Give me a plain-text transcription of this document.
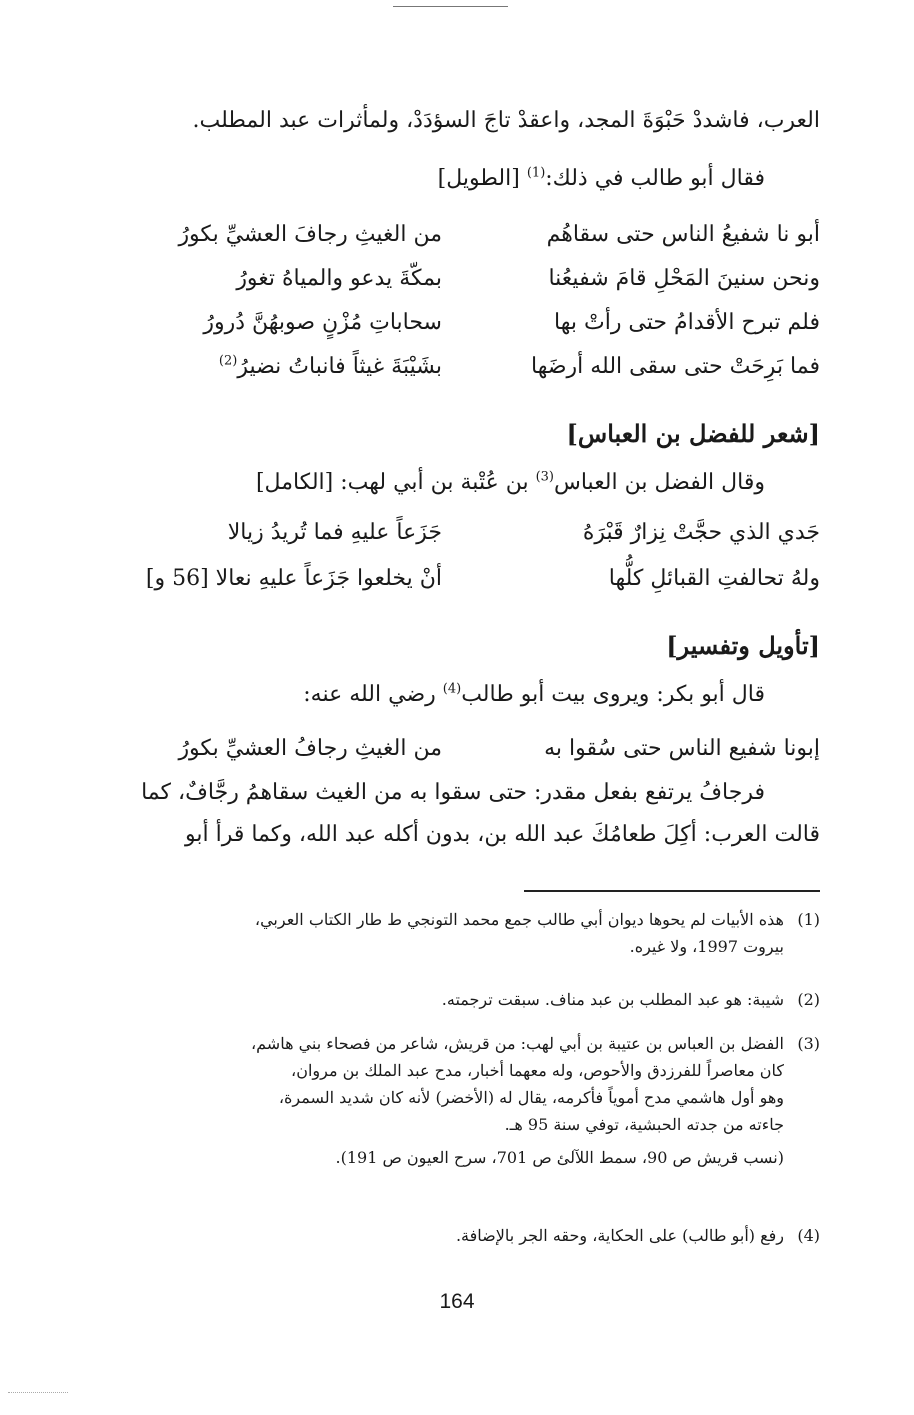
العرب، فاشددْ حَبْوَةَ المجد، واعقدْ تاجَ السؤدَدْ، ولمأثرات عبد المطلب.
فقال أبو طالب في ذلك:$^{(1)}$ [الطويل]
أبو نا شفيعُ الناس حتى سقاهُم
من الغيثِ رجافَ العشيِّ بكورُ
ونحن سنينَ المَحْلِ قامَ شفيعُنا
بمكّةَ يدعو والمياهُ تغورُ
فلم تبرح الأقدامُ حتى رأتْ بها
سحاباتِ مُزْنٍ صوبهُنَّ دُرورُ
فما بَرِحَتْ حتى سقى الله أرضَها
بشَيْبَةَ غيثاً فانباتُ نضيرُ$^{(2)}$
[شعر للفضل بن العباس]
وقال الفضل بن العباس$^{(3)}$ بن عُتْبة بن أبي لهب: [الكامل]
جَدي الذي حجَّتْ نِزارٌ قَبْرَهُ
جَزَعاً عليهِ فما تُريدُ زيالا
ولهُ تحالفتِ القبائلِ كلُّها
أنْ يخلعوا جَزَعاً عليهِ نعالا [56 و]
[تأويل وتفسير]
قال أبو بكر: ويروى بيت أبو طالب$^{(4)}$ رضي الله عنه:
إبونا شفيع الناس حتى سُقوا به
من الغيثِ رجافُ العشيِّ بكورُ
فرجافُ يرتفع بفعل مقدر: حتى سقوا به من الغيث سقاهمُ رجَّافٌ، كما
قالت العرب: أكِلَ طعامُكَ عبد الله بن، بدون أكله عبد الله، وكما قرأ أبو
(1)هذه الأبيات لم يحوها ديوان أبي طالب جمع محمد التونجي ط طار الكتاب العربي،
بيروت 1997، ولا غيره.
(2)شيبة: هو عبد المطلب بن عبد مناف. سبقت ترجمته.
(3)الفضل بن العباس بن عتيبة بن أبي لهب: من قريش، شاعر من فصحاء بني هاشم،
كان معاصراً للفرزدق والأحوص، وله معهما أخبار، مدح عبد الملك بن مروان،
وهو أول هاشمي مدح أموياً فأكرمه، يقال له (الأخضر) لأنه كان شديد السمرة،
جاءته من جدته الحبشية، توفي سنة 95 هـ.
(نسب قريش ص 90، سمط اللآلئ ص 701، سرح العيون ص 191).
(4)رفع (أبو طالب) على الحكاية، وحقه الجر بالإضافة.
164
